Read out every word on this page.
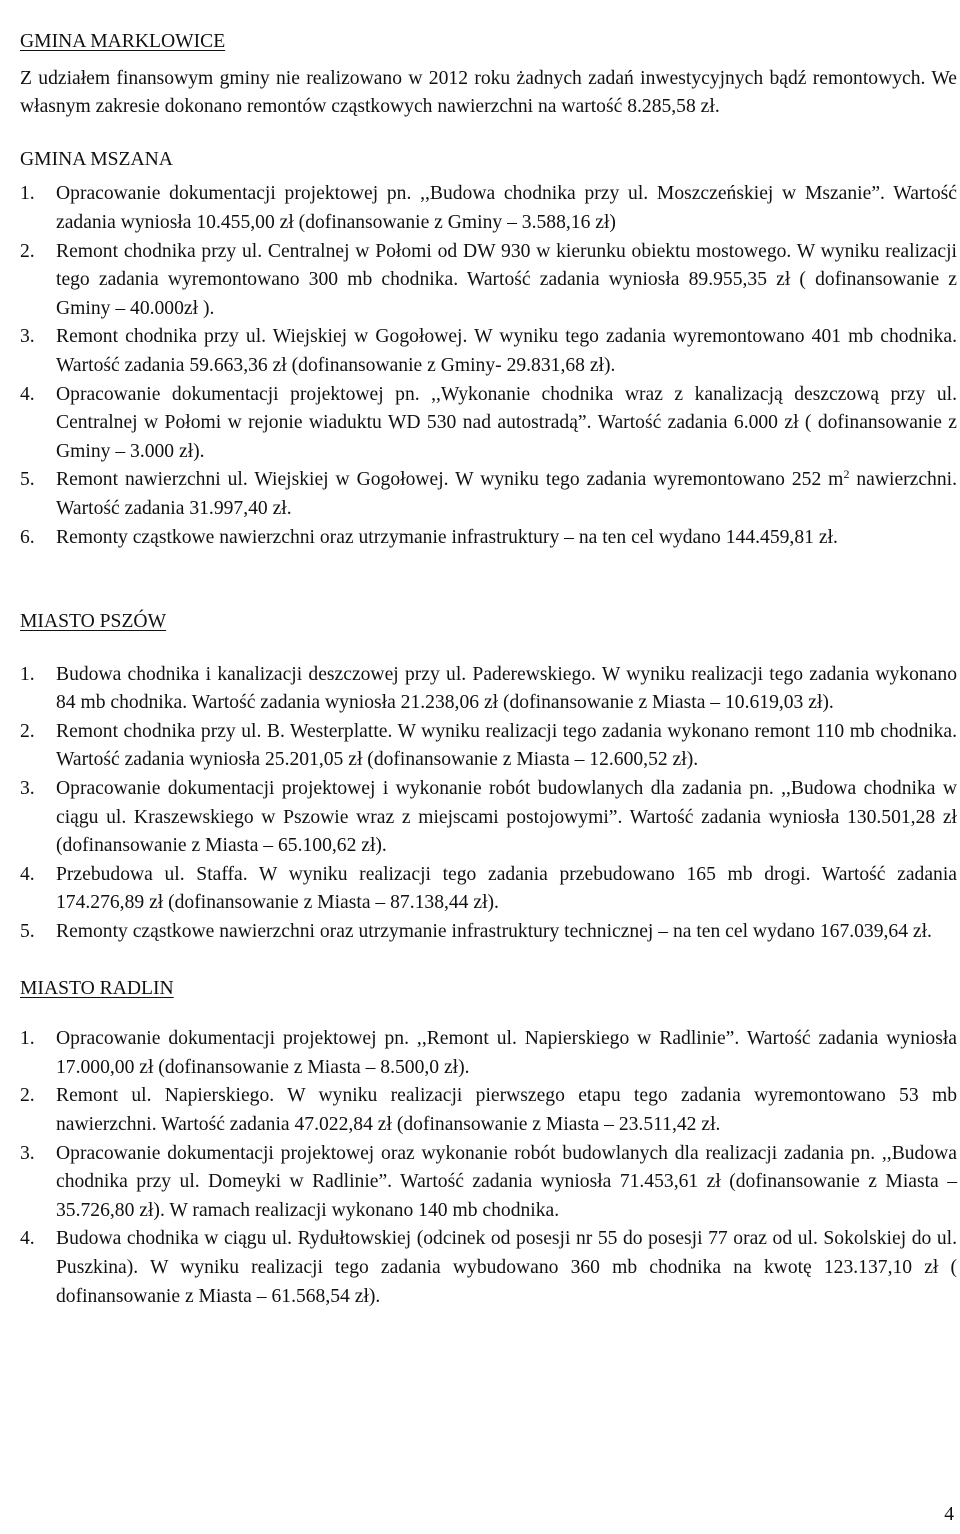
GMINA MARKLOWICE

Z udziałem finansowym gminy nie realizowano w 2012 roku żadnych zadań inwestycyjnych bądź remontowych. We własnym zakresie dokonano remontów cząstkowych nawierzchni na wartość 8.285,58 zł.

GMINA MSZANA
1. Opracowanie dokumentacji projektowej pn. ,,Budowa chodnika przy ul. Moszczeńskiej w Mszanie”. Wartość zadania wyniosła 10.455,00 zł (dofinansowanie z Gminy – 3.588,16 zł)
2. Remont chodnika przy ul. Centralnej w Połomi od DW 930 w kierunku obiektu mostowego. W wyniku realizacji tego zadania wyremontowano 300 mb chodnika. Wartość zadania wyniosła 89.955,35 zł ( dofinansowanie z Gminy – 40.000zł ).
3. Remont chodnika przy ul. Wiejskiej w Gogołowej. W wyniku tego zadania wyremontowano 401 mb chodnika. Wartość zadania 59.663,36 zł (dofinansowanie z Gminy- 29.831,68 zł).
4. Opracowanie dokumentacji projektowej pn. ,,Wykonanie chodnika wraz z kanalizacją deszczową przy ul. Centralnej w Połomi w rejonie wiaduktu WD 530 nad autostradą”. Wartość zadania 6.000 zł ( dofinansowanie z Gminy – 3.000 zł).
5. Remont nawierzchni ul. Wiejskiej w Gogołowej. W wyniku tego zadania wyremontowano 252 $m^2$ nawierzchni. Wartość zadania 31.997,40 zł.
6. Remonty cząstkowe nawierzchni oraz utrzymanie infrastruktury – na ten cel wydano 144.459,81 zł.
MIASTO PSZÓW
1. Budowa chodnika i kanalizacji deszczowej przy ul. Paderewskiego. W wyniku realizacji tego zadania wykonano 84 mb chodnika. Wartość zadania wyniosła 21.238,06 zł (dofinansowanie z Miasta – 10.619,03 zł).
2. Remont chodnika przy ul. B. Westerplatte. W wyniku realizacji tego zadania wykonano remont 110 mb chodnika. Wartość zadania wyniosła 25.201,05 zł (dofinansowanie z Miasta – 12.600,52 zł).
3. Opracowanie dokumentacji projektowej i wykonanie robót budowlanych dla zadania pn. ,,Budowa chodnika w ciągu ul. Kraszewskiego w Pszowie wraz z miejscami postojowymi”. Wartość zadania wyniosła 130.501,28 zł (dofinansowanie z Miasta – 65.100,62 zł).
4. Przebudowa ul. Staffa. W wyniku realizacji tego zadania przebudowano 165 mb drogi. Wartość zadania 174.276,89 zł (dofinansowanie z Miasta – 87.138,44 zł).
5. Remonty cząstkowe nawierzchni oraz utrzymanie infrastruktury technicznej – na ten cel wydano 167.039,64 zł.
MIASTO RADLIN
1. Opracowanie dokumentacji projektowej pn. ,,Remont ul. Napierskiego w Radlinie”. Wartość zadania wyniosła 17.000,00 zł (dofinansowanie z Miasta – 8.500,0 zł).
2. Remont ul. Napierskiego. W wyniku realizacji pierwszego etapu tego zadania wyremontowano 53 mb nawierzchni. Wartość zadania 47.022,84 zł (dofinansowanie z Miasta – 23.511,42 zł.
3. Opracowanie dokumentacji projektowej oraz wykonanie robót budowlanych dla realizacji zadania pn. ,,Budowa chodnika przy ul. Domeyki w Radlinie”. Wartość zadania wyniosła 71.453,61 zł (dofinansowanie z Miasta – 35.726,80 zł). W ramach realizacji wykonano 140 mb chodnika.
4. Budowa chodnika w ciągu ul. Rydułtowskiej (odcinek od posesji nr 55 do posesji 77 oraz od ul. Sokolskiej do ul. Puszkina). W wyniku realizacji tego zadania wybudowano 360 mb chodnika na kwotę 123.137,10 zł ( dofinansowanie z Miasta – 61.568,54 zł).
4
